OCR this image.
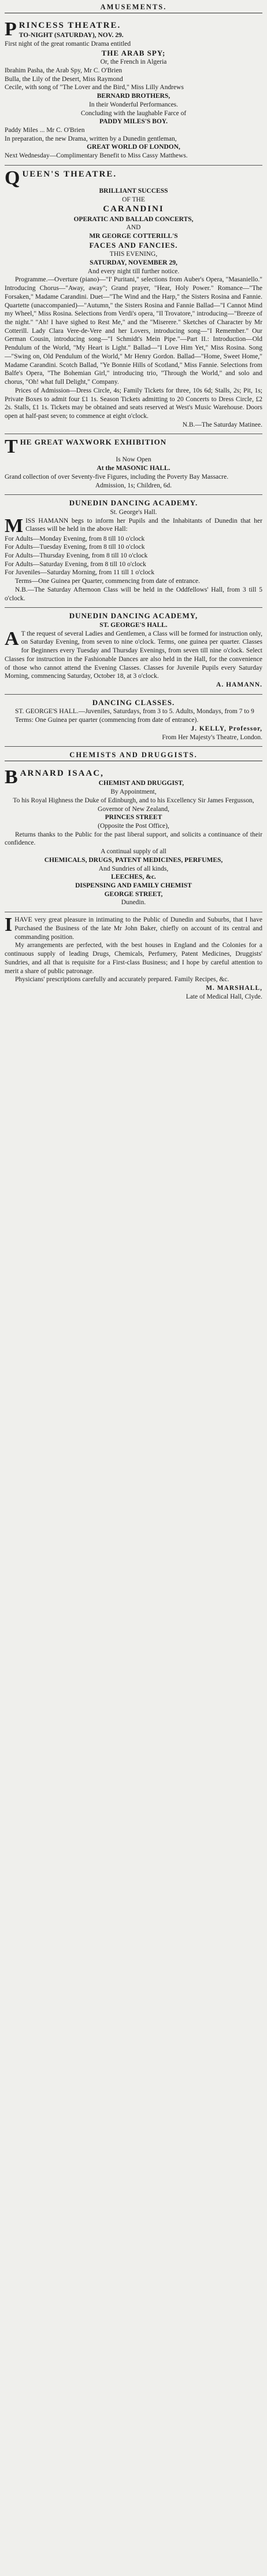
AMUSEMENTS.
P RINCESS THEATRE.
TO-NIGHT (SATURDAY), NOV. 29.
First night of the great romantic Drama entitled
THE ARAB SPY;
Or, the French in Algeria

Ibrahim Pasha, the Arab Spy, Mr C. O'Brien

Bulla, the Lily of the Desert, Miss Raymond

Cecile, with song of "The Lover and the Bird," Miss Lilly Andrews

BERNARD BROTHERS,
In their Wonderful Performances.
Concluding with the laughable Farce of
PADDY MILES'S BOY.
Paddy Miles ... Mr C. O'Brien

In preparation, the new Drama, written by a Dunedin gentleman,

GREAT WORLD OF LONDON,

Next Wednesday—Complimentary Benefit to Miss Cassy Matthews.

Q UEEN'S THEATRE.
BRILLIANT SUCCESS
OF THE
CARANDINI
OPERATIC AND BALLAD CONCERTS,
AND
MR GEORGE COTTERILL'S
FACES AND FANCIES.
THIS EVENING,
SATURDAY, NOVEMBER 29,
And every night till further notice.

Programme.—Overture (piano)—"I' Puritani," selections from Auber's Opera, "Masaniello." Introducing Chorus—"Away, away"; Grand prayer, "Hear, Holy Power." Romance—"The Forsaken," Madame Carandini. Duet—"The Wind and the Harp," the Sisters Rosina and Fannie. Quartette (unaccompanied)—"Autumn," the Sisters Rosina and Fannie Ballad—"I Cannot Mind my Wheel," Miss Rosina. Selections from Verdi's opera, "Il Trovatore," introducing—"Breeze of the night." "Ah! I have sighed to Rest Me," and the "Miserere." Sketches of Character by Mr Cotterill. Lady Clara Vere-de-Vere and her Lovers, introducing song—"I Remember." Our German Cousin, introducing song—"I Schmidt's Mein Pipe."—Part II.: Introduction—Old Pendulum of the World, "My Heart is Light." Ballad—"I Love Him Yet," Miss Rosina. Song—"Swing on, Old Pendulum of the World," Mr Henry Gordon. Ballad—"Home, Sweet Home," Madame Carandini. Scotch Ballad, "Ye Bonnie Hills of Scotland," Miss Fannie. Selections from Balfe's Opera, "The Bohemian Girl," introducing trio, "Through the World," and solo and chorus, "Oh! what full Delight," Company.

Prices of Admission—Dress Circle, 4s; Family Tickets for three, 10s 6d; Stalls, 2s; Pit, 1s; Private Boxes to admit four £1 1s. Season Tickets admitting to 20 Concerts to Dress Circle, £2 2s. Stalls, £1 1s. Tickets may be obtained and seats reserved at West's Music Warehouse. Doors open at half-past seven; to commence at eight o'clock.

N.B.—The Saturday Matinee.
T HE GREAT WAXWORK EXHIBITION
Is Now Open
At the MASONIC HALL.

Grand collection of over Seventy-five Figures, including the Poverty Bay Massacre.

Admission, 1s; Children, 6d.
DUNEDIN DANCING ACADEMY.
St. George's Hall.
M ISS HAMANN begs to inform her Pupils and the Inhabitants of Dunedin that her Classes will be held in the above Hall:

For Adults—Monday Evening, from 8 till 10 o'clock

For Adults—Tuesday Evening, from 8 till 10 o'clock

For Adults—Thursday Evening, from 8 till 10 o'clock

For Adults—Saturday Evening, from 8 till 10 o'clock

For Juveniles—Saturday Morning, from 11 till 1 o'clock

Terms—One Guinea per Quarter, commencing from date of entrance.

N.B.—The Saturday Afternoon Class will be held in the Oddfellows' Hall, from 3 till 5 o'clock.

DUNEDIN DANCING ACADEMY,
ST. GEORGE'S HALL.
A T the request of several Ladies and Gentlemen, a Class will be formed for instruction only, on Saturday Evening, from seven to nine o'clock. Terms, one guinea per quarter. Classes for Beginners every Tuesday and Thursday Evenings, from seven till nine o'clock. Select Classes for instruction in the Fashionable Dances are also held in the Hall, for the convenience of those who cannot attend the Evening Classes. Classes for Juvenile Pupils every Saturday Morning, commencing Saturday, October 18, at 3 o'clock.

A. HAMANN.
DANCING CLASSES.

ST. GEORGE'S HALL.—Juveniles, Saturdays, from 3 to 5. Adults, Mondays, from 7 to 9

Terms: One Guinea per quarter (commencing from date of entrance).

J. KELLY, Professor,
From Her Majesty's Theatre, London.
CHEMISTS AND DRUGGISTS.
B ARNARD ISAAC,
CHEMIST AND DRUGGIST,
By Appointment,

To his Royal Highness the Duke of Edinburgh, and to his Excellency Sir James Fergusson, Governor of New Zealand,

PRINCES STREET
(Opposite the Post Office),

Returns thanks to the Public for the past liberal support, and solicits a continuance of their confidence.

A continual supply of all
CHEMICALS, DRUGS, PATENT MEDICINES, PERFUMES,
And Sundries of all kinds,
LEECHES, &c.
DISPENSING AND FAMILY CHEMIST
GEORGE STREET,
Dunedin.
I HAVE very great pleasure in intimating to the Public of Dunedin and Suburbs, that I have Purchased the Business of the late Mr John Baker, chiefly on account of its central and commanding position.

My arrangements are perfected, with the best houses in England and the Colonies for a continuous supply of leading Drugs, Chemicals, Perfumery, Patent Medicines, Druggists' Sundries, and all that is requisite for a First-class Business; and I hope by careful attention to merit a share of public patronage.

Physicians' prescriptions carefully and accurately prepared. Family Recipes, &c.

M. MARSHALL,
Late of Medical Hall, Clyde.
